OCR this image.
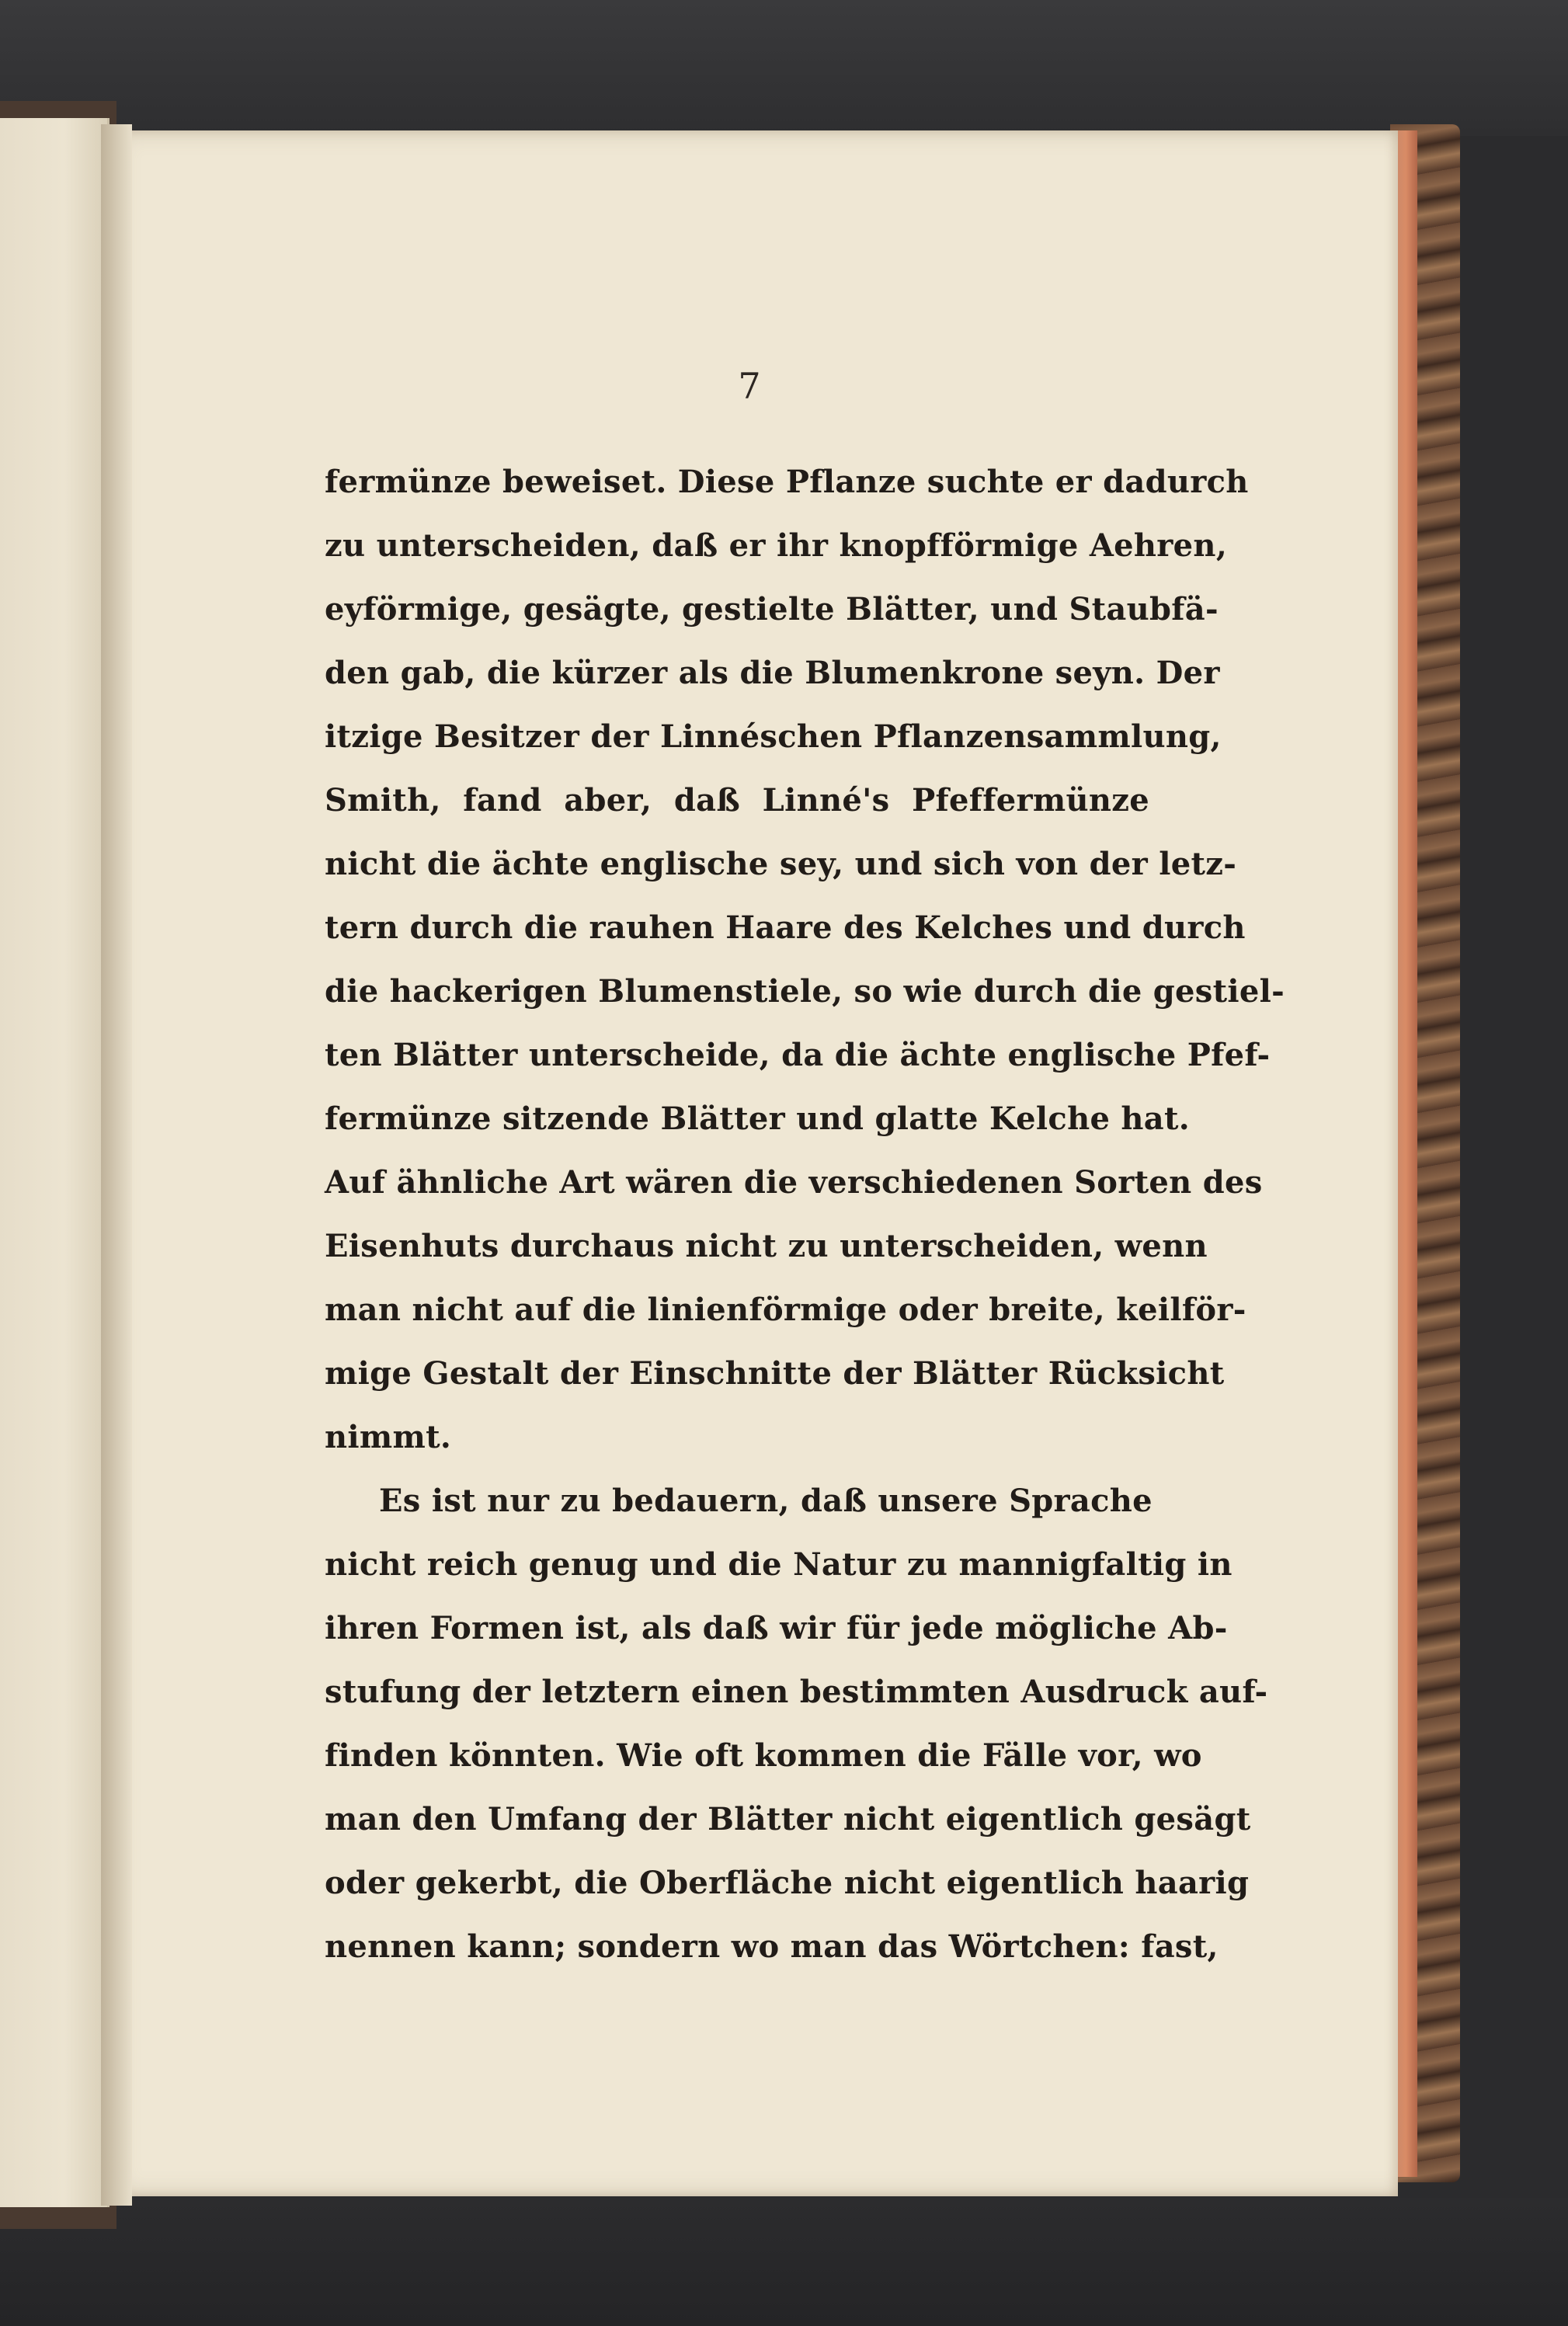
7
fermünze beweiset. Diese Pflanze suchte er dadurch
zu unterscheiden, daß er ihr knopfförmige Aehren,
eyförmige, gesägte, gestielte Blätter, und Staubfä-
den gab, die kürzer als die Blumenkrone seyn. Der
itzige Besitzer der Linnéschen Pflanzensammlung,
Smith, fand aber, daß Linné's Pfeffermünze
nicht die ächte englische sey, und sich von der letz-
tern durch die rauhen Haare des Kelches und durch
die hackerigen Blumenstiele, so wie durch die gestiel-
ten Blätter unterscheide, da die ächte englische Pfef-
fermünze sitzende Blätter und glatte Kelche hat.
Auf ähnliche Art wären die verschiedenen Sorten des
Eisenhuts durchaus nicht zu unterscheiden, wenn
man nicht auf die linienförmige oder breite, keilför-
mige Gestalt der Einschnitte der Blätter Rücksicht
nimmt.
Es ist nur zu bedauern, daß unsere Sprache
nicht reich genug und die Natur zu mannigfaltig in
ihren Formen ist, als daß wir für jede mögliche Ab-
stufung der letztern einen bestimmten Ausdruck auf-
finden könnten. Wie oft kommen die Fälle vor, wo
man den Umfang der Blätter nicht eigentlich gesägt
oder gekerbt, die Oberfläche nicht eigentlich haarig
nennen kann; sondern wo man das Wörtchen: fast,
